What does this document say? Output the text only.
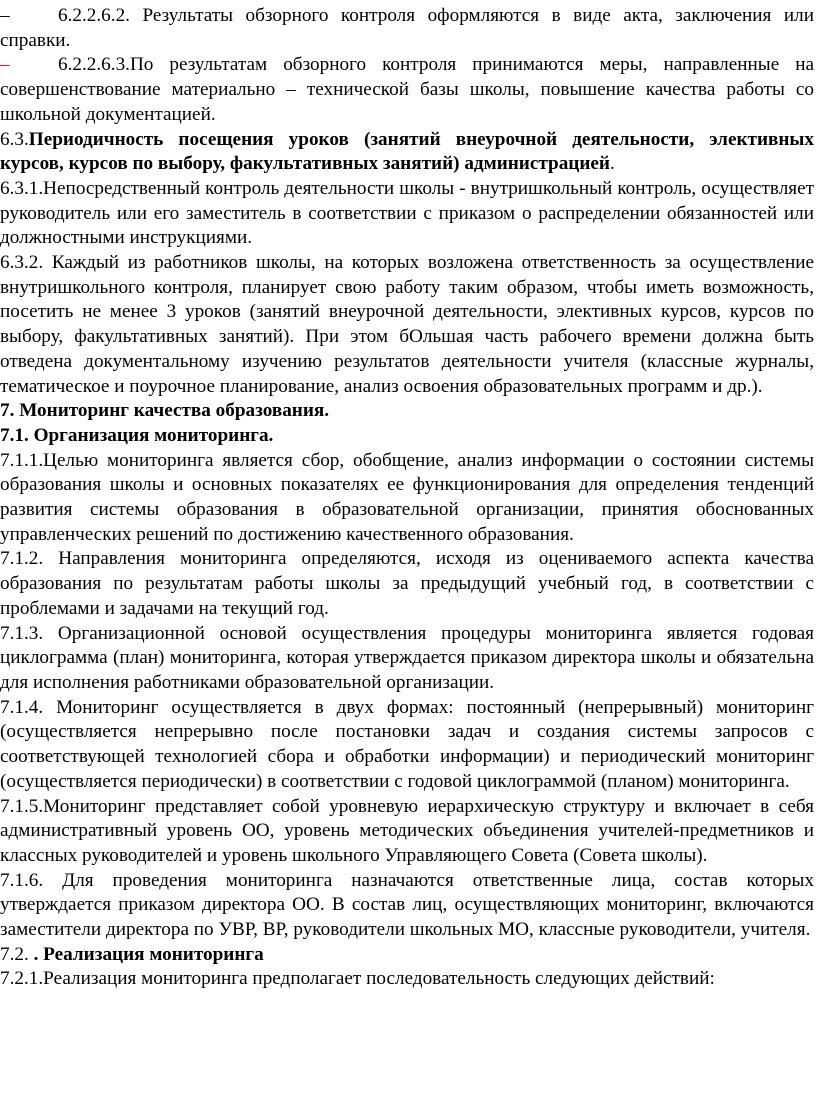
–	6.2.2.6.2. Результаты обзорного контроля оформляются в виде акта, заключения или справки.

–	6.2.2.6.3.По результатам обзорного контроля принимаются меры, направленные на совершенствование материально – технической базы школы, повышение качества работы со школьной документацией.

6.3.Периодичность посещения уроков (занятий внеурочной деятельности, элективных курсов, курсов по выбору, факультативных занятий) администрацией.

6.3.1.Непосредственный контроль деятельности школы - внутришкольный контроль, осуществляет руководитель или его заместитель в соответствии с приказом о распределении обязанностей или должностными инструкциями.

6.3.2. Каждый из работников школы, на которых возложена ответственность за осуществление внутришкольного контроля, планирует свою работу таким образом, чтобы иметь возможность, посетить не менее 3 уроков (занятий внеурочной деятельности, элективных курсов, курсов по выбору, факультативных занятий). При этом бОльшая часть рабочего времени должна быть отведена документальному изучению результатов деятельности учителя (классные журналы, тематическое и поурочное планирование, анализ освоения образовательных программ и др.).

7. Мониторинг качества образования.

7.1. Организация мониторинга.

7.1.1.Целью мониторинга является сбор, обобщение, анализ информации о состоянии системы образования школы и основных показателях ее функционирования для определения тенденций развития системы образования в образовательной организации, принятия обоснованных управленческих решений по достижению качественного образования.

7.1.2. Направления мониторинга определяются, исходя из оцениваемого аспекта качества образования по результатам работы школы за предыдущий учебный год, в соответствии с проблемами и задачами на текущий год.

7.1.3. Организационной основой осуществления процедуры мониторинга является годовая циклограмма (план) мониторинга, которая утверждается приказом директора школы и обязательна для исполнения работниками образовательной организации.

7.1.4. Мониторинг осуществляется в двух формах: постоянный (непрерывный) мониторинг (осуществляется непрерывно после постановки задач и создания системы запросов с соответствующей технологией сбора и обработки информации) и периодический мониторинг (осуществляется периодически) в соответствии с годовой циклограммой (планом) мониторинга.

7.1.5.Мониторинг представляет собой уровневую иерархическую структуру и включает в себя административный уровень ОО, уровень методических объединения учителей-предметников и классных руководителей и уровень школьного Управляющего Совета (Совета школы).

7.1.6. Для проведения мониторинга назначаются ответственные лица, состав которых утверждается приказом директора ОО. В состав лиц, осуществляющих мониторинг, включаются заместители директора по УВР, ВР, руководители школьных МО, классные руководители, учителя.

7.2. . Реализация мониторинга

7.2.1.Реализация мониторинга предполагает последовательность следующих действий:
